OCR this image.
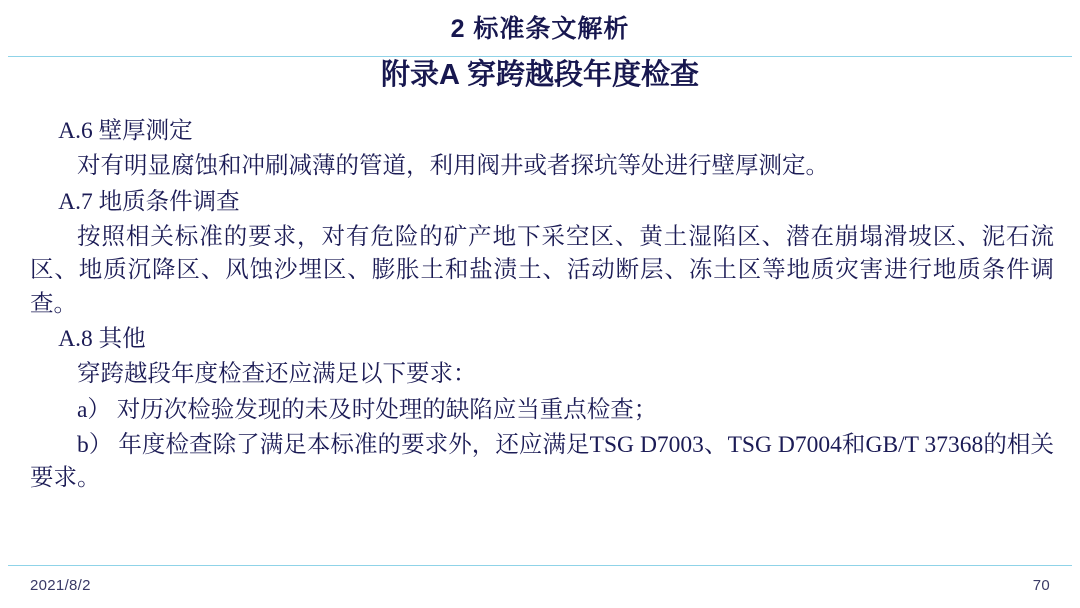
2 标准条文解析
附录A 穿跨越段年度检查

A.6 壁厚测定

对有明显腐蚀和冲刷减薄的管道，利用阀井或者探坑等处进行壁厚测定。

A.7 地质条件调查

按照相关标准的要求，对有危险的矿产地下采空区、黄土湿陷区、潜在崩塌滑坡区、泥石流区、地质沉降区、风蚀沙埋区、膨胀土和盐渍土、活动断层、冻土区等地质灾害进行地质条件调查。

A.8 其他

穿跨越段年度检查还应满足以下要求：

a） 对历次检验发现的未及时处理的缺陷应当重点检查；

b） 年度检查除了满足本标准的要求外，还应满足TSG D7003、TSG D7004和GB/T 37368的相关要求。

2021/8/2	70
